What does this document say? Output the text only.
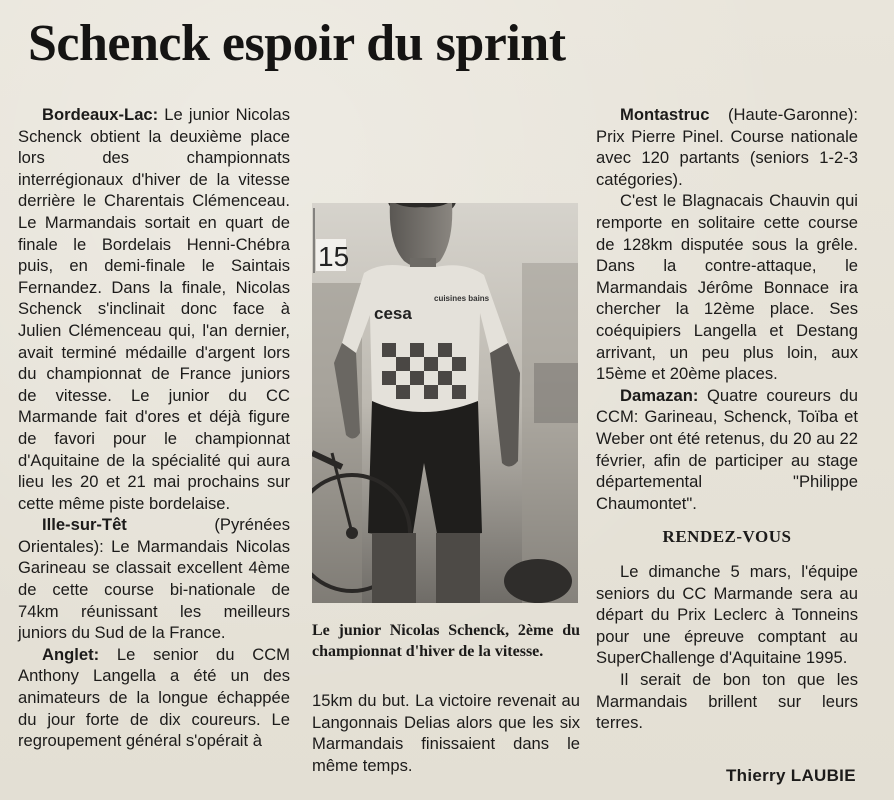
Schenck espoir du sprint

Bordeaux-Lac: Le junior Nicolas Schenck obtient la deuxième place lors des championnats interrégionaux d'hiver de la vitesse derrière le Charentais Clémenceau. Le Marmandais sortait en quart de finale le Bordelais Henni-Chébra puis, en demi-finale le Saintais Fernandez. Dans la finale, Nicolas Schenck s'inclinait donc face à Julien Clémenceau qui, l'an dernier, avait terminé médaille d'argent lors du championnat de France juniors de vitesse. Le junior du CC Marmande fait d'ores et déjà figure de favori pour le championnat d'Aquitaine de la spécialité qui aura lieu les 20 et 21 mai prochains sur cette même piste bordelaise.

Ille-sur-Têt (Pyrénées Orientales): Le Marmandais Nicolas Garineau se classait excellent 4ème de cette course bi-nationale de 74km réunissant les meilleurs juniors du Sud de la France.

Anglet: Le senior du CCM Anthony Langella a été un des animateurs de la longue échappée du jour forte de dix coureurs. Le regroupement général s'opérait à

15
cesa
cuisines bains
Le junior Nicolas Schenck, 2ème du championnat d'hiver de la vitesse.

15km du but. La victoire revenait au Langonnais Delias alors que les six Marmandais finissaient dans le même temps.

Montastruc (Haute-Garonne): Prix Pierre Pinel. Course nationale avec 120 partants (seniors 1-2-3 catégories).

C'est le Blagnacais Chauvin qui remporte en solitaire cette course de 128km disputée sous la grêle. Dans la contre-attaque, le Marmandais Jérôme Bonnace ira chercher la 12ème place. Ses coéquipiers Langella et Destang arrivant, un peu plus loin, aux 15ème et 20ème places.

Damazan: Quatre coureurs du CCM: Garineau, Schenck, Toïba et Weber ont été retenus, du 20 au 22 février, afin de participer au stage départemental "Philippe Chaumontet".

RENDEZ-VOUS

Le dimanche 5 mars, l'équipe seniors du CC Marmande sera au départ du Prix Leclerc à Tonneins pour une épreuve comptant au SuperChallenge d'Aquitaine 1995.

Il serait de bon ton que les Marmandais brillent sur leurs terres.

Thierry LAUBIE
